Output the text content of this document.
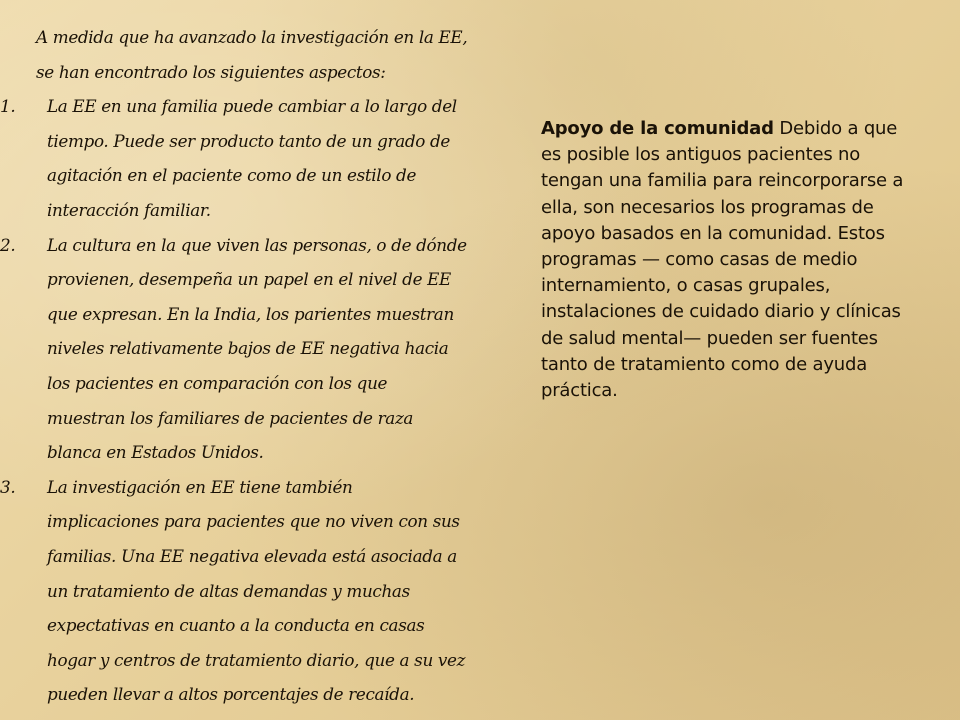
A medida que ha avanzado la investigación en la EE, se han encontrado los siguientes aspectos:

1.	La EE en una familia puede cambiar a lo largo del tiempo. Puede ser producto tanto de un grado de agitación en el paciente como de un estilo de interacción familiar.
2.	La cultura en la que viven las personas, o de dónde provienen, desempeña un papel en el nivel de EE que expresan. En la India, los parientes muestran niveles relativamente bajos de EE negativa hacia los pacientes en comparación con los que muestran los familiares de pacientes de raza blanca en Estados Unidos.
3.	La investigación en EE tiene también implicaciones para pacientes que no viven con sus familias. Una EE negativa elevada está asociada a un tratamiento de altas demandas y muchas expectativas en cuanto a la conducta en casas hogar y centros de tratamiento diario, que a su vez pueden llevar a altos porcentajes de recaída.
Apoyo de la comunidad Debido a que es posible los antiguos pacientes no tengan una familia para reincorporarse a ella, son necesarios los programas de apoyo basados en la comunidad. Estos programas — como casas de medio internamiento, o casas grupales, instalaciones de cuidado diario y clínicas de salud mental— pueden ser fuentes tanto de tratamiento como de ayuda práctica.
